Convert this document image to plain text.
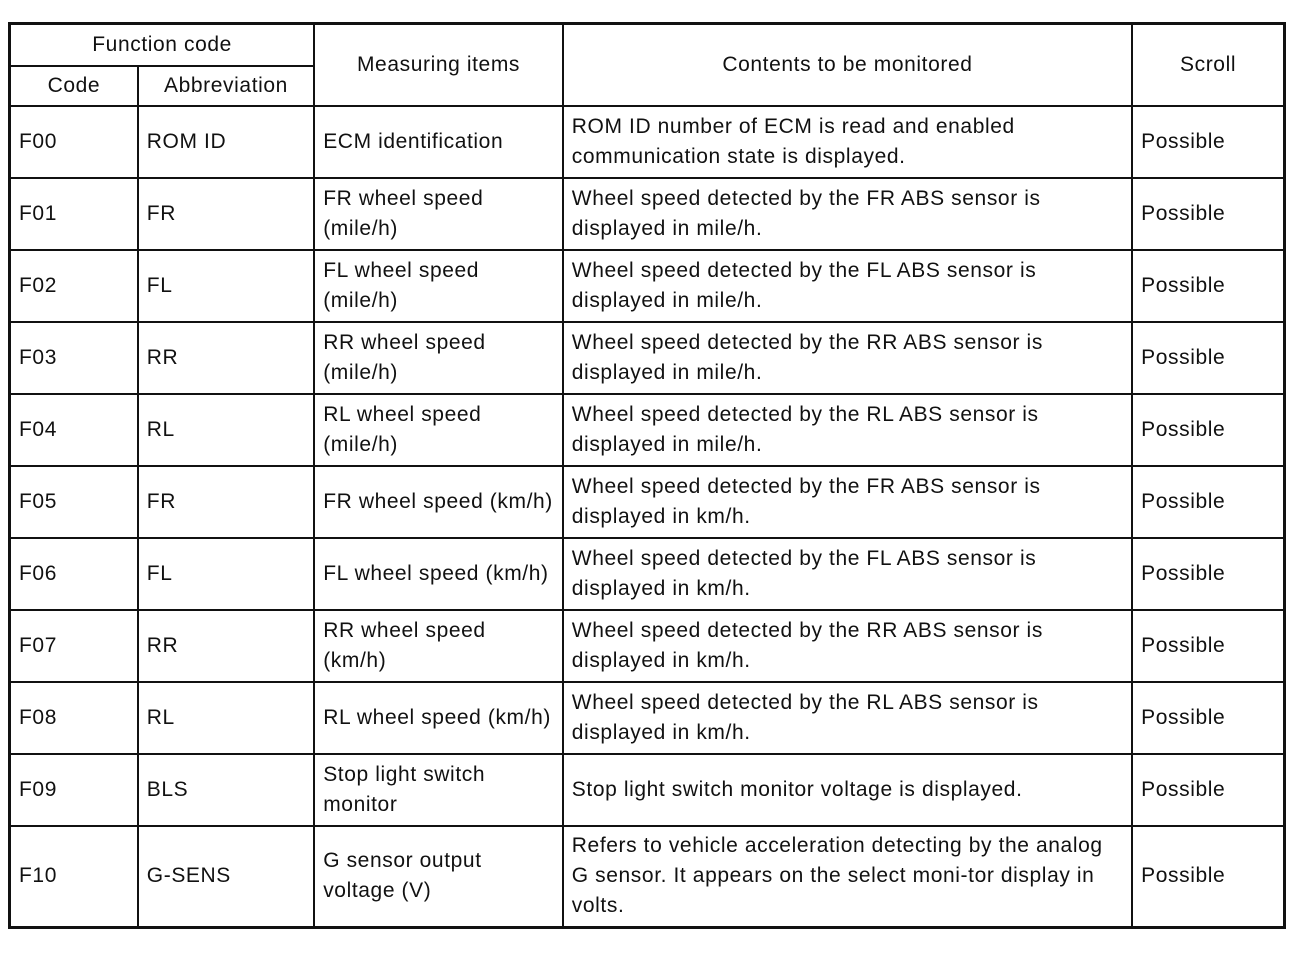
Function code		Measuring items	Contents to be monitored	Scroll
Code	Abbreviation			
F00	ROM ID	ECM identification	ROM ID number of ECM is read and enabled communication state is displayed.	Possible
F01	FR	FR wheel speed (mile/h)	Wheel speed detected by the FR ABS sensor is displayed in mile/h.	Possible
F02	FL	FL wheel speed (mile/h)	Wheel speed detected by the FL ABS sensor is displayed in mile/h.	Possible
F03	RR	RR wheel speed (mile/h)	Wheel speed detected by the RR ABS sensor is displayed in mile/h.	Possible
F04	RL	RL wheel speed (mile/h)	Wheel speed detected by the RL ABS sensor is displayed in mile/h.	Possible
F05	FR	FR wheel speed (km/h)	Wheel speed detected by the FR ABS sensor is displayed in km/h.	Possible
F06	FL	FL wheel speed (km/h)	Wheel speed detected by the FL ABS sensor is displayed in km/h.	Possible
F07	RR	RR wheel speed (km/h)	Wheel speed detected by the RR ABS sensor is displayed in km/h.	Possible
F08	RL	RL wheel speed (km/h)	Wheel speed detected by the RL ABS sensor is displayed in km/h.	Possible
F09	BLS	Stop light switch monitor	Stop light switch monitor voltage is displayed.	Possible
F10	G-SENS	G sensor output voltage (V)	Refers to vehicle acceleration detecting by the analog G sensor. It appears on the select moni-tor display in volts.	Possible
